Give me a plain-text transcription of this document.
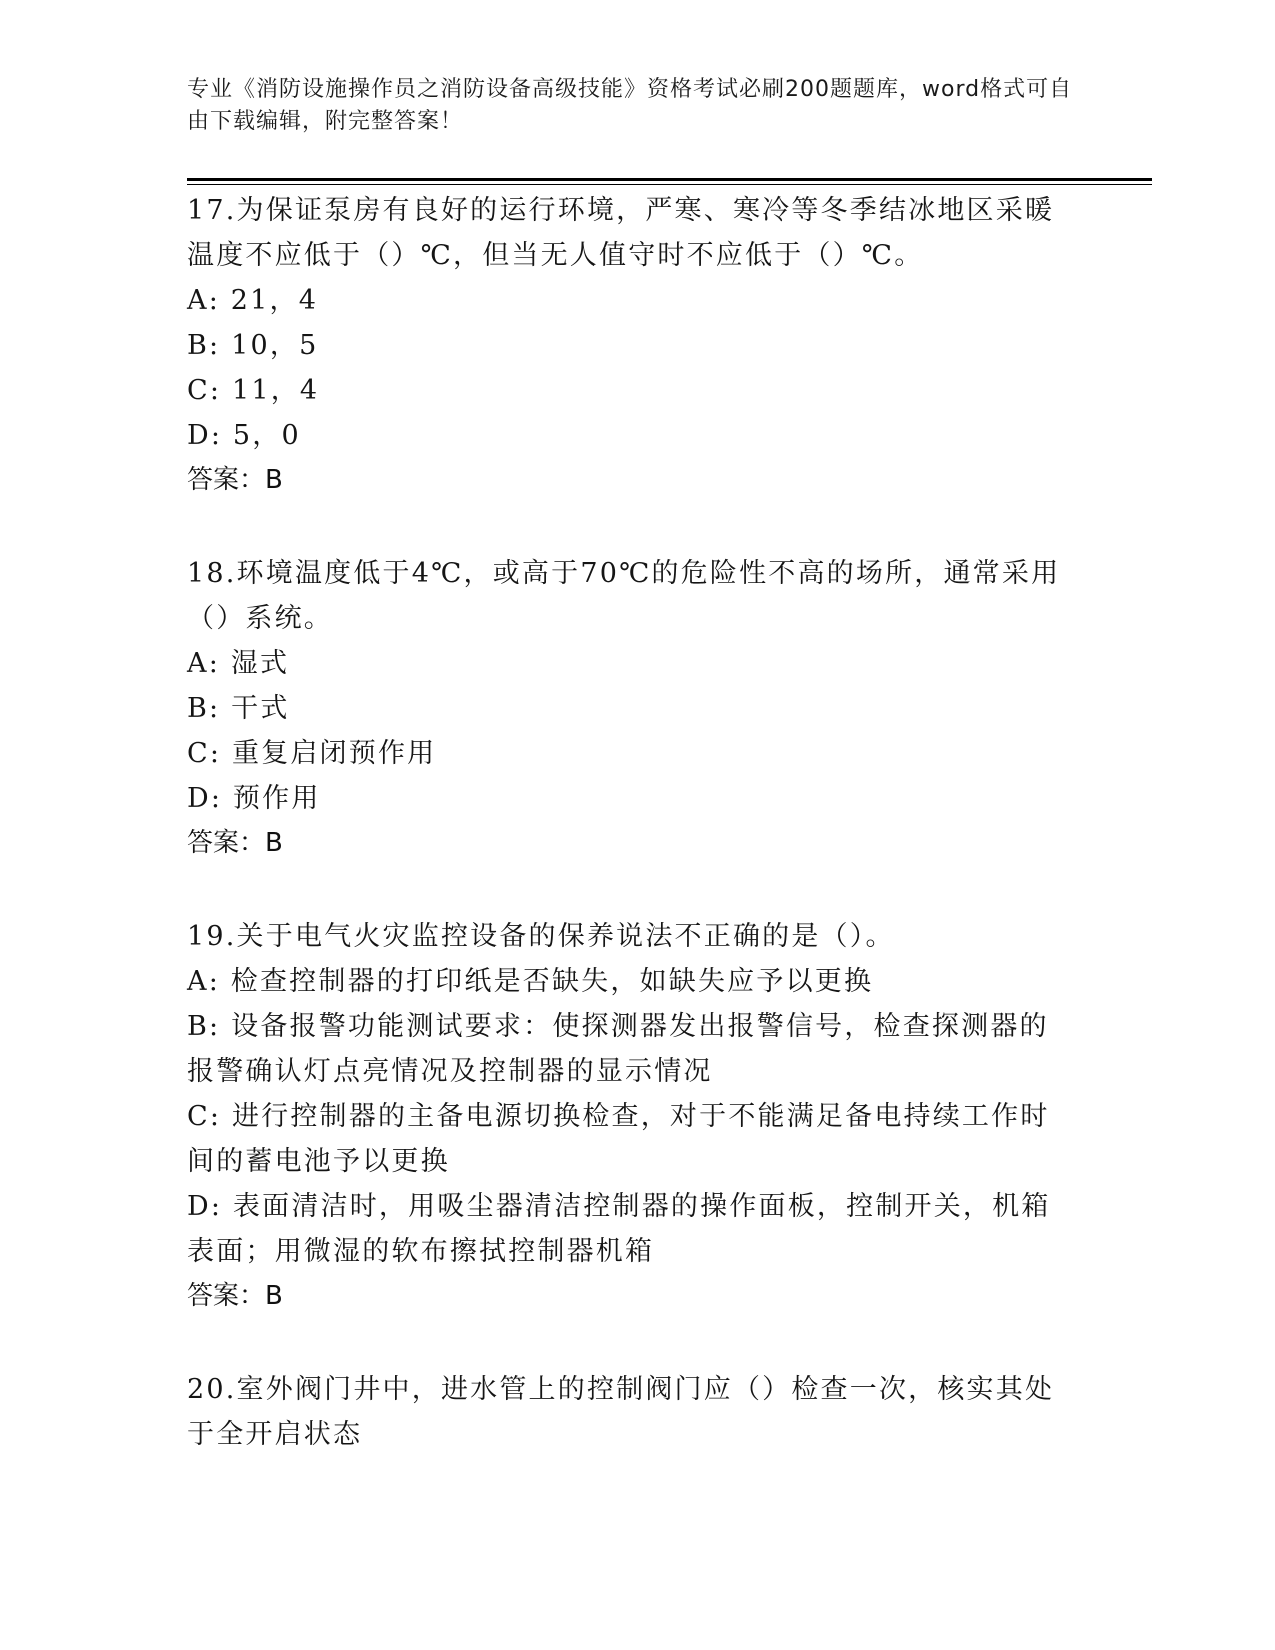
专业《消防设施操作员之消防设备高级技能》资格考试必刷200题题库，word格式可自由下载编辑，附完整答案！
17.为保证泵房有良好的运行环境，严寒、寒冷等冬季结冰地区采暖温度不应低于（）℃，但当无人值守时不应低于（）℃。
A: 21，4
B: 10，5
C: 11，4
D: 5，0
答案：B
18.环境温度低于4℃，或高于70℃的危险性不高的场所，通常采用（）系统。
A: 湿式
B: 干式
C: 重复启闭预作用
D: 预作用
答案：B
19.关于电气火灾监控设备的保养说法不正确的是（）。
A: 检查控制器的打印纸是否缺失，如缺失应予以更换
B: 设备报警功能测试要求：使探测器发出报警信号，检查探测器的报警确认灯点亮情况及控制器的显示情况
C: 进行控制器的主备电源切换检查，对于不能满足备电持续工作时间的蓄电池予以更换
D: 表面清洁时，用吸尘器清洁控制器的操作面板，控制开关，机箱表面；用微湿的软布擦拭控制器机箱
答案：B
20.室外阀门井中，进水管上的控制阀门应（）检查一次，核实其处于全开启状态
